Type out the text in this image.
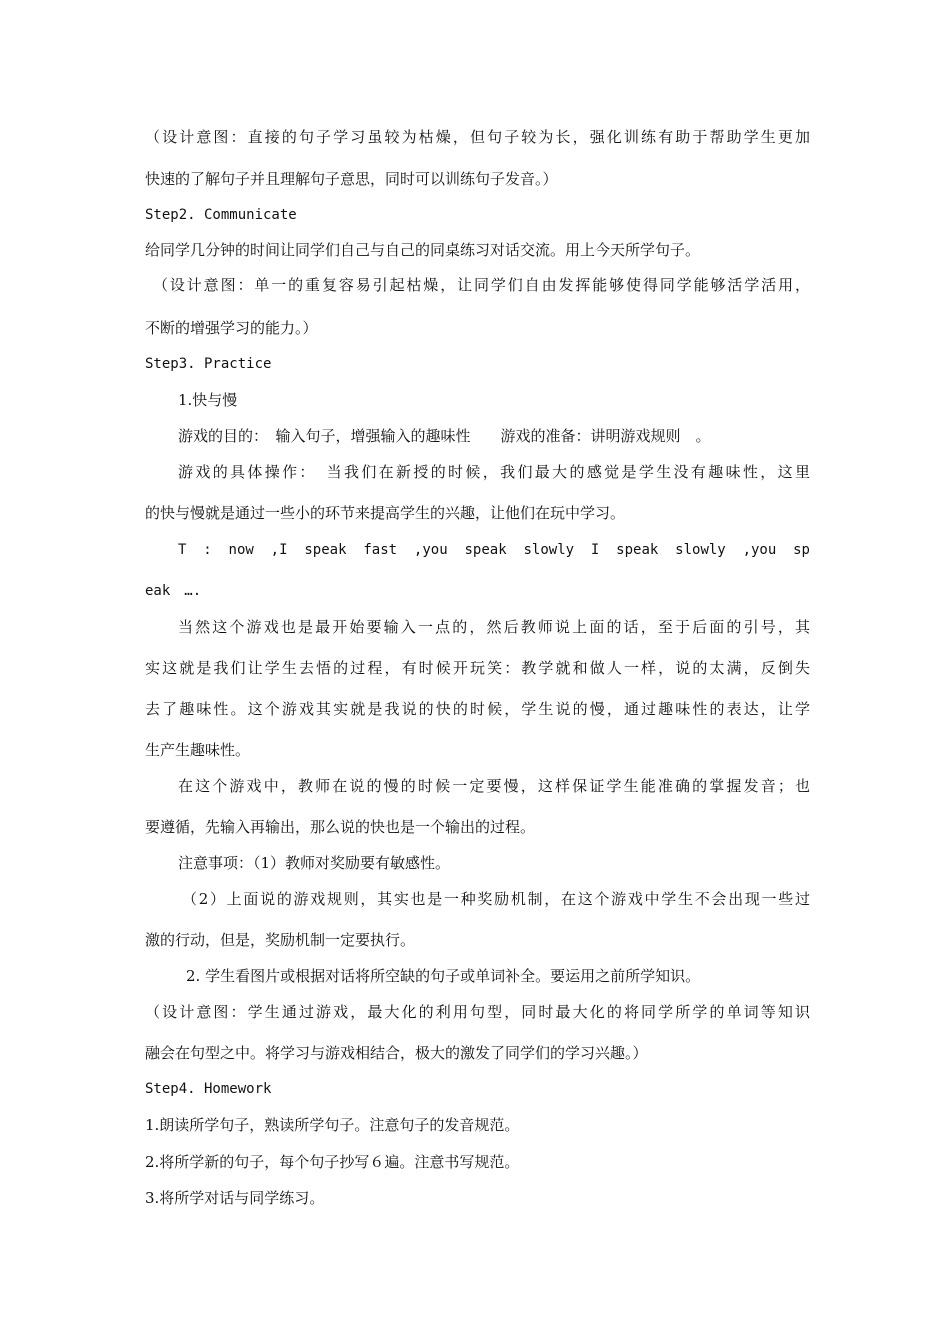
（设计意图：直接的句子学习虽较为枯燥，但句子较为长，强化训练有助于帮助学生更加
快速的了解句子并且理解句子意思，同时可以训练句子发音。）
Step2. Communicate
给同学几分钟的时间让同学们自己与自己的同桌练习对话交流。用上今天所学句子。
（设计意图：单一的重复容易引起枯燥，让同学们自由发挥能够使得同学能够活学活用，
不断的增强学习的能力。）
Step3. Practice
1.快与慢
游戏的目的：　输入句子，增强输入的趣味性　　游戏的准备：讲明游戏规则　。
游戏的具体操作：　当我们在新授的时候，我们最大的感觉是学生没有趣味性，这里
的快与慢就是通过一些小的环节来提高学生的兴趣，让他们在玩中学习。
T　:　now　,I　speak　fast　,you　speak　slowly　I　speak　slowly　,you　sp
eak　….
当然这个游戏也是最开始要输入一点的，然后教师说上面的话，至于后面的引号，其
实这就是我们让学生去悟的过程，有时候开玩笑：教学就和做人一样，说的太满，反倒失
去了趣味性。这个游戏其实就是我说的快的时候，学生说的慢，通过趣味性的表达，让学
生产生趣味性。
在这个游戏中，教师在说的慢的时候一定要慢，这样保证学生能准确的掌握发音；也
要遵循，先输入再输出，那么说的快也是一个输出的过程。
注意事项：（1）教师对奖励要有敏感性。
（2）上面说的游戏规则，其实也是一种奖励机制，在这个游戏中学生不会出现一些过
激的行动，但是，奖励机制一定要执行。
2. 学生看图片或根据对话将所空缺的句子或单词补全。要运用之前所学知识。
（设计意图：学生通过游戏，最大化的利用句型，同时最大化的将同学所学的单词等知识
融会在句型之中。将学习与游戏相结合，极大的激发了同学们的学习兴趣。）
Step4. Homework
1.朗读所学句子，熟读所学句子。注意句子的发音规范。
2.将所学新的句子，每个句子抄写６遍。注意书写规范。
3.将所学对话与同学练习。
